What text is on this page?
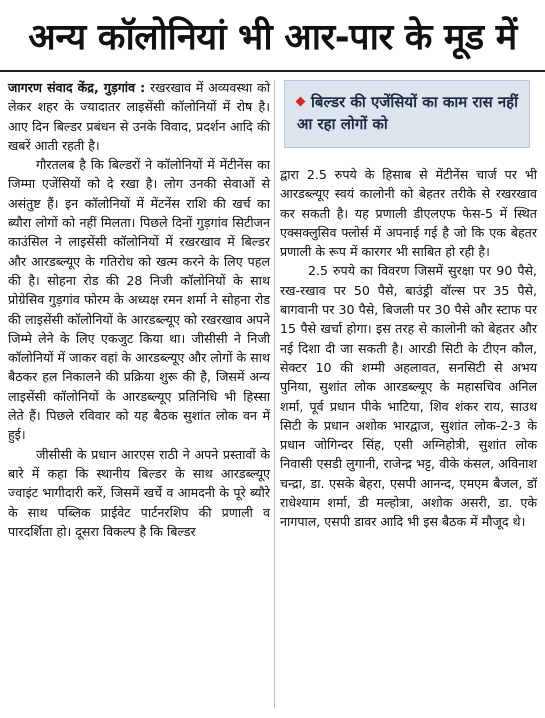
अन्य कॉलोनियां भी आर-पार के मूड में

जागरण संवाद केंद्र, गुड़गांव : रखरखाव में अव्यवस्था को लेकर शहर के ज्यादातर लाइसेंसी कॉलोनियों में रोष है। आए दिन बिल्डर प्रबंधन से उनके विवाद, प्रदर्शन आदि की खबरें आती रहती है।

गौरतलब है कि बिल्डरों ने कॉलोनियों में मेंटीनेंस का जिम्मा एजेंसियों को दे रखा है। लोग उनकी सेवाओं से असंतुष्ट हैं। इन कॉलोनियों में मेंटनेंस राशि की खर्च का ब्यौरा लोगों को नहीं मिलता। पिछले दिनों गुड़गांव सिटीजन काउंसिल ने लाइसेंसी कॉलोनियों में रखरखाव में बिल्डर और आरडब्ल्यूए के गतिरोध को खत्म करने के लिए पहल की है। सोहना रोड की 28 निजी कॉलोनियों के साथ प्रोग्रेसिव गुड़गांव फोरम के अध्यक्ष रमन शर्मा ने सोहना रोड की लाइसेंसी कॉलोनियों के आरडब्ल्यूए को रखरखाव अपने जिम्मे लेने के लिए एकजुट किया था। जीसीसी ने निजी कॉलोनियों में जाकर वहां के आरडब्ल्यूए और लोगों के साथ बैठकर हल निकालने की प्रक्रिया शुरू की है, जिसमें अन्य लाइसेंसी कॉलोनियों के आरडब्ल्यूए प्रतिनिधि भी हिस्सा लेते हैं। पिछले रविवार को यह बैठक सुशांत लोक वन में हुई।

जीसीसी के प्रधान आरएस राठी ने अपने प्रस्तावों के बारे में कहा कि स्थानीय बिल्डर के साथ आरडब्ल्यूए ज्वाइंट भागीदारी करें, जिसमें खर्चे व आमदनी के पूरे ब्यौरे के साथ पब्लिक प्राईवेट पार्टनरशिप की प्रणाली व पारदर्शिता हो। दूसरा विकल्प है कि बिल्डर

बिल्डर की एजेंसियों का काम रास नहीं आ रहा लोगों को

द्वारा 2.5 रुपये के हिसाब से मेंटीनेंस चार्ज पर भी आरडब्ल्यूए स्वयं कालोनी को बेहतर तरीके से रखरखाव कर सकती है। यह प्रणाली डीएलएफ फेस-5 में स्थित एक्सक्लुसिव फ्लोर्स में अपनाई गई है जो कि एक बेहतर प्रणाली के रूप में कारगर भी साबित हो रही है।

2.5 रुपये का विवरण जिसमें सुरक्षा पर 90 पैसे, रख-रखाव पर 50 पैसे, बाउंड्री वॉल्स पर 35 पैसे, बागवानी पर 30 पैसे, बिजली पर 30 पैसे और स्टाफ पर 15 पैसे खर्चा होगा। इस तरह से कालोनी को बेहतर और नई दिशा दी जा सकती है। आरडी सिटी के टीएन कौल, सेक्टर 10 की शम्मी अहलावत, सनसिटी से अभय पुनिया, सुशांत लोक आरडब्ल्यूए के महासचिव अनिल शर्मा, पूर्व प्रधान पीके भाटिया, शिव शंकर राय, साउथ सिटी के प्रधान अशोक भारद्वाज, सुशांत लोक-2-3 के प्रधान जोगिन्दर सिंह, एसी अग्निहोत्री, सुशांत लोक निवासी एसडी लुगानी, राजेन्द्र भट्ट, वीके कंसल, अविनाश चन्द्रा, डा. एसके बेहरा, एसपी आनन्द, एमएम बैजल, डॉ राधेश्याम शर्मा, डी मल्होत्रा, अशोक असरी, डा. एके नागपाल, एसपी डावर आदि भी इस बैठक में मौजूद थे।
